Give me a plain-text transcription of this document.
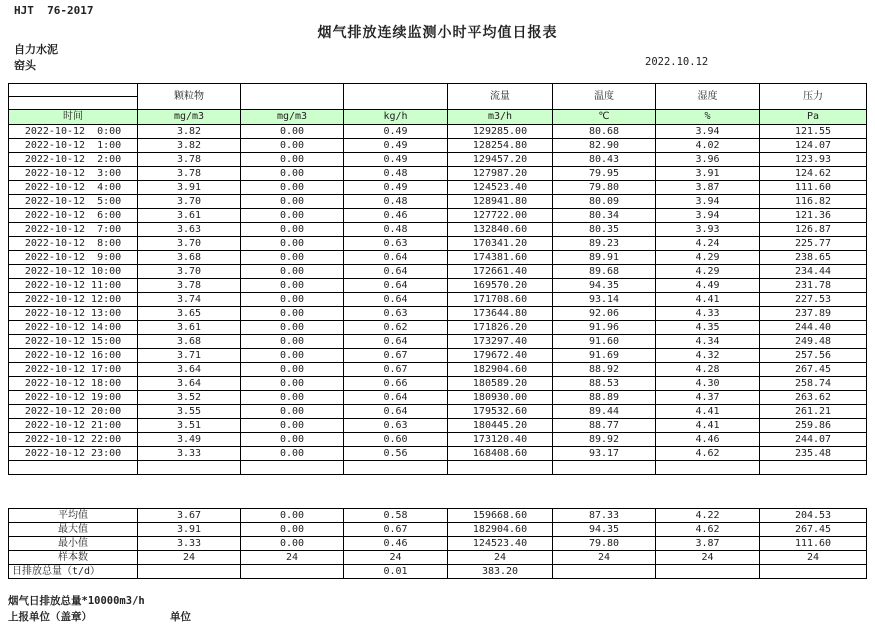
HJT  76-2017
烟气排放连续监测小时平均值日报表
自力水泥
窑头	2022.10.12
	颗粒物			流量	温度	湿度	压力

时间	mg/m3	mg/m3	kg/h	m3/h	℃	%	Pa
2022-10-12  0:00	3.82	0.00	0.49	129285.00	80.68	3.94	121.55
2022-10-12  1:00	3.82	0.00	0.49	128254.80	82.90	4.02	124.07
2022-10-12  2:00	3.78	0.00	0.49	129457.20	80.43	3.96	123.93
2022-10-12  3:00	3.78	0.00	0.48	127987.20	79.95	3.91	124.62
2022-10-12  4:00	3.91	0.00	0.49	124523.40	79.80	3.87	111.60
2022-10-12  5:00	3.70	0.00	0.48	128941.80	80.09	3.94	116.82
2022-10-12  6:00	3.61	0.00	0.46	127722.00	80.34	3.94	121.36
2022-10-12  7:00	3.63	0.00	0.48	132840.60	80.35	3.93	126.87
2022-10-12  8:00	3.70	0.00	0.63	170341.20	89.23	4.24	225.77
2022-10-12  9:00	3.68	0.00	0.64	174381.60	89.91	4.29	238.65
2022-10-12 10:00	3.70	0.00	0.64	172661.40	89.68	4.29	234.44
2022-10-12 11:00	3.78	0.00	0.64	169570.20	94.35	4.49	231.78
2022-10-12 12:00	3.74	0.00	0.64	171708.60	93.14	4.41	227.53
2022-10-12 13:00	3.65	0.00	0.63	173644.80	92.06	4.33	237.89
2022-10-12 14:00	3.61	0.00	0.62	171826.20	91.96	4.35	244.40
2022-10-12 15:00	3.68	0.00	0.64	173297.40	91.60	4.34	249.48
2022-10-12 16:00	3.71	0.00	0.67	179672.40	91.69	4.32	257.56
2022-10-12 17:00	3.64	0.00	0.67	182904.60	88.92	4.28	267.45
2022-10-12 18:00	3.64	0.00	0.66	180589.20	88.53	4.30	258.74
2022-10-12 19:00	3.52	0.00	0.64	180930.00	88.89	4.37	263.62
2022-10-12 20:00	3.55	0.00	0.64	179532.60	89.44	4.41	261.21
2022-10-12 21:00	3.51	0.00	0.63	180445.20	88.77	4.41	259.86
2022-10-12 22:00	3.49	0.00	0.60	173120.40	89.92	4.46	244.07
2022-10-12 23:00	3.33	0.00	0.56	168408.60	93.17	4.62	235.48

平均值	3.67	0.00	0.58	159668.60	87.33	4.22	204.53
最大值	3.91	0.00	0.67	182904.60	94.35	4.62	267.45
最小值	3.33	0.00	0.46	124523.40	79.80	3.87	111.60
样本数	24	24	24	24	24	24	24
日排放总量（t/d）			0.01	383.20			
烟气日排放总量*10000m3/h
上报单位（盖章）	单位
